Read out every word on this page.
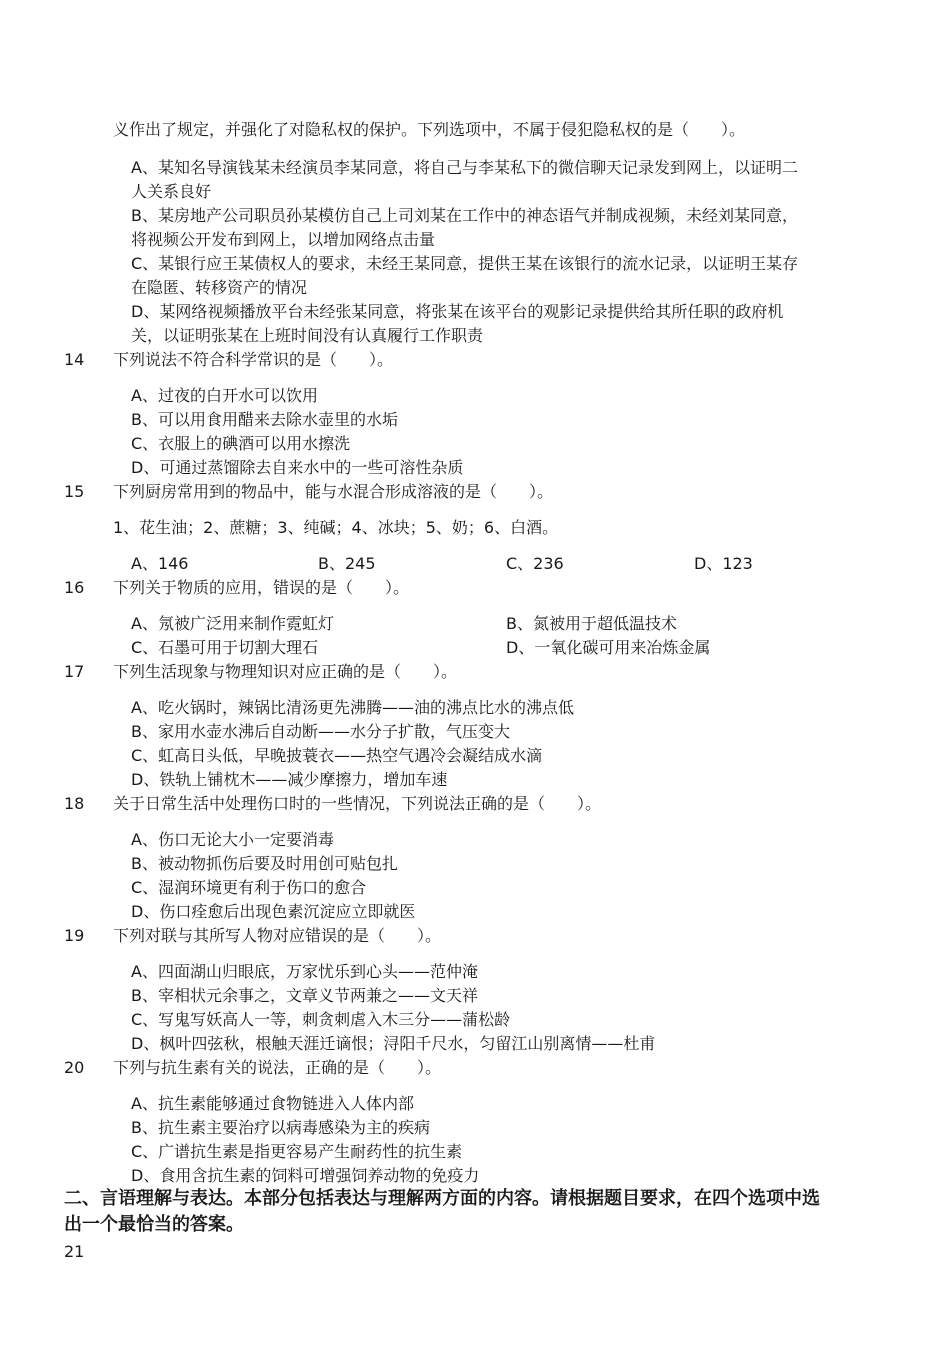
义作出了规定，并强化了对隐私权的保护。下列选项中，不属于侵犯隐私权的是（　　）。

A、某知名导演钱某未经演员李某同意，将自己与李某私下的微信聊天记录发到网上，以证明二

人关系良好

B、某房地产公司职员孙某模仿自己上司刘某在工作中的神态语气并制成视频，未经刘某同意，

将视频公开发布到网上，以增加网络点击量

C、某银行应王某债权人的要求，未经王某同意，提供王某在该银行的流水记录，以证明王某存

在隐匿、转移资产的情况

D、某网络视频播放平台未经张某同意，将张某在该平台的观影记录提供给其所任职的政府机

关，以证明张某在上班时间没有认真履行工作职责

14 下列说法不符合科学常识的是（　　）。

A、过夜的白开水可以饮用

B、可以用食用醋来去除水壶里的水垢

C、衣服上的碘酒可以用水擦洗

D、可通过蒸馏除去自来水中的一些可溶性杂质

15 下列厨房常用到的物品中，能与水混合形成溶液的是（　　）。

1、花生油；2、蔗糖；3、纯碱；4、冰块；5、奶；6、白酒。

A、146	B、245	C、236	D、123

16 下列关于物质的应用，错误的是（　　）。

A、氖被广泛用来制作霓虹灯	B、氮被用于超低温技术

C、石墨可用于切割大理石	D、一氧化碳可用来冶炼金属

17 下列生活现象与物理知识对应正确的是（　　）。

A、吃火锅时，辣锅比清汤更先沸腾——油的沸点比水的沸点低

B、家用水壶水沸后自动断——水分子扩散，气压变大

C、虹高日头低，早晚披蓑衣——热空气遇冷会凝结成水滴

D、铁轨上铺枕木——减少摩擦力，增加车速

18 关于日常生活中处理伤口时的一些情况，下列说法正确的是（　　）。

A、伤口无论大小一定要消毒

B、被动物抓伤后要及时用创可贴包扎

C、湿润环境更有利于伤口的愈合

D、伤口痊愈后出现色素沉淀应立即就医

19 下列对联与其所写人物对应错误的是（　　）。

A、四面湖山归眼底，万家忧乐到心头——范仲淹

B、宰相状元余事之，文章义节两兼之——文天祥

C、写鬼写妖高人一等，刺贪刺虐入木三分——蒲松龄

D、枫叶四弦秋，根触天涯迁谪恨；浔阳千尺水，匀留江山别离情——杜甫

20 下列与抗生素有关的说法，正确的是（　　）。

A、抗生素能够通过食物链进入人体内部

B、抗生素主要治疗以病毒感染为主的疾病

C、广谱抗生素是指更容易产生耐药性的抗生素

D、食用含抗生素的饲料可增强饲养动物的免疫力

二、言语理解与表达。本部分包括表达与理解两方面的内容。请根据题目要求，在四个选项中选
出一个最恰当的答案。

21
